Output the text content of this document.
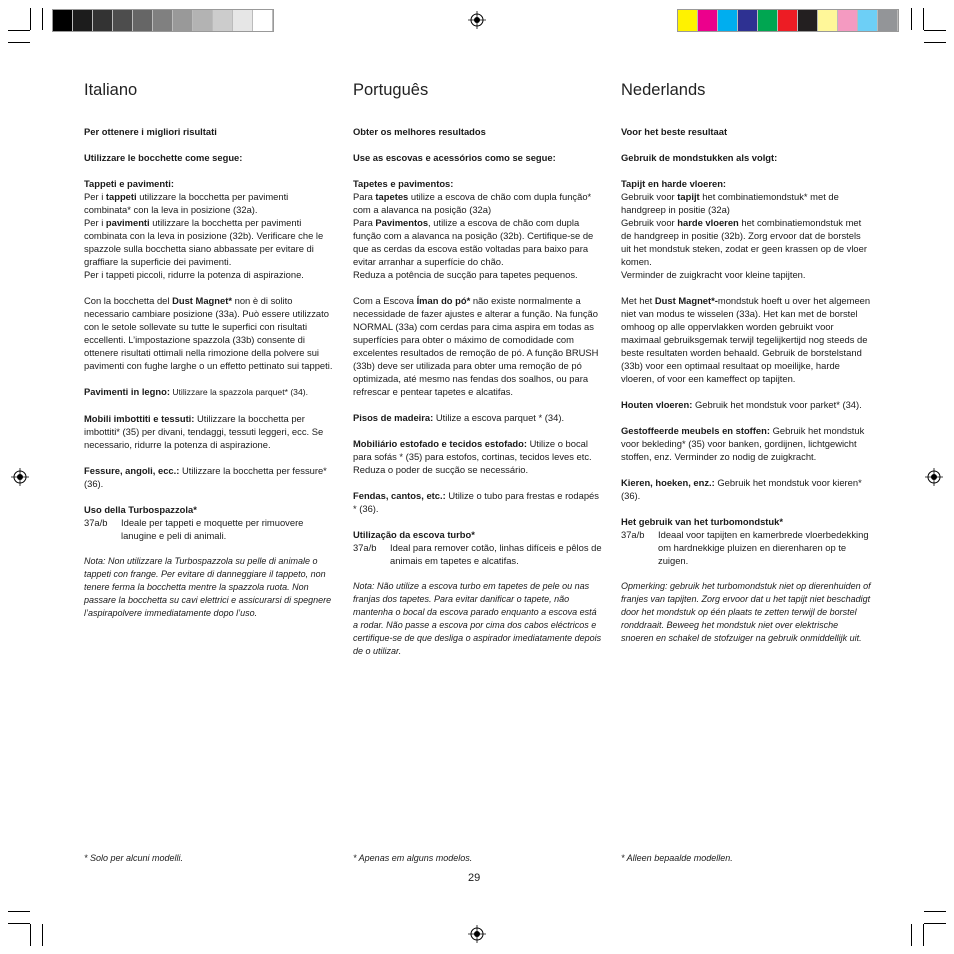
Italiano

Per ottenere i migliori risultati

Utilizzare le bocchette come segue:

Tappeti e pavimenti:
Per i tappeti utilizzare la bocchetta per pavimenti combinata* con la leva in posizione (32a).
Per i pavimenti utilizzare la bocchetta per pavimenti combinata con la leva in posizione (32b). Verificare che le spazzole sulla bocchetta siano abbassate per evitare di graffiare la superficie dei pavimenti.
Per i tappeti piccoli, ridurre la potenza di aspirazione.

Con la bocchetta del Dust Magnet* non è di solito necessario cambiare posizione (33a). Può essere utilizzato con le setole sollevate su tutte le superfici con risultati eccellenti. L’impostazione spazzola (33b) consente di ottenere risultati ottimali nella rimozione della polvere sui pavimenti con fughe larghe o un effetto pettinato sui tappeti.

Pavimenti in legno: Utilizzare la spazzola parquet* (34).

Mobili imbottiti e tessuti: Utilizzare la bocchetta per imbottiti* (35) per divani, tendaggi, tessuti leggeri, ecc. Se necessario, ridurre la potenza di aspirazione.

Fessure, angoli, ecc.: Utilizzare la bocchetta per fessure* (36).

Uso della Turbospazzola*
37a/b	Ideale per tappeti e moquette per rimuovere lanugine e peli di animali.

Nota: Non utilizzare la Turbospazzola su pelle di animale o tappeti con frange. Per evitare di danneggiare il tappeto, non tenere ferma la bocchetta mentre la spazzola ruota. Non passare la bocchetta su cavi elettrici e assicurarsi di spegnere l’aspirapolvere immediatamente dopo l’uso.

Português

Obter os melhores resultados

Use as escovas e acessórios como se segue:

Tapetes e pavimentos:
Para tapetes utilize a escova de chão com dupla função* com a alavanca na posição (32a)
Para Pavimentos, utilize a escova de chão com dupla função com a alavanca na posição (32b). Certifique-se de que as cerdas da escova estão voltadas para baixo para evitar arranhar a superfície do chão.
Reduza a potência de sucção para tapetes pequenos.

Com a Escova Íman do pó* não existe normalmente a necessidade de fazer ajustes e alterar a função. Na função NORMAL (33a) com cerdas para cima aspira em todas as superfícies para obter o máximo de comodidade com excelentes resultados de remoção de pó. A função BRUSH (33b) deve ser utilizada para obter uma remoção de pó optimizada, até mesmo nas fendas dos soalhos, ou para refrescar e pentear tapetes e alcatifas.

Pisos de madeira: Utilize a escova parquet * (34).

Mobiliário estofado e tecidos estofado: Utilize o bocal para sofás * (35) para estofos, cortinas, tecidos leves etc. Reduza o poder de sucção se necessário.

Fendas, cantos, etc.: Utilize o tubo para frestas e rodapés * (36).

Utilização da escova turbo*
37a/b	Ideal para remover cotão, linhas difíceis e pêlos de animais em tapetes e alcatifas.

Nota: Não utilize a escova turbo em tapetes de pele ou nas franjas dos tapetes. Para evitar danificar o tapete, não mantenha o bocal da escova parado enquanto a escova está a rodar. Não passe a escova por cima dos cabos eléctricos e certifique-se de que desliga o aspirador imediatamente depois de o utilizar.

Nederlands

Voor het beste resultaat

Gebruik de mondstukken als volgt:

Tapijt en harde vloeren:
Gebruik voor tapijt het combinatiemondstuk* met de handgreep in positie (32a)
Gebruik voor harde vloeren het combinatiemondstuk met de handgreep in positie (32b). Zorg ervoor dat de borstels uit het mondstuk steken, zodat er geen krassen op de vloer komen.
Verminder de zuigkracht voor kleine tapijten.

Met het Dust Magnet*-mondstuk hoeft u over het algemeen niet van modus te wisselen (33a). Het kan met de borstel omhoog op alle oppervlakken worden gebruikt voor maximaal gebruiksgemak terwijl tegelijkertijd nog steeds de beste resultaten worden behaald. Gebruik de borstelstand (33b) voor een optimaal resultaat op moeilijke, harde vloeren, of voor een kameffect op tapijten.

Houten vloeren: Gebruik het mondstuk voor parket* (34).

Gestoffeerde meubels en stoffen: Gebruik het mondstuk voor bekleding* (35) voor banken, gordijnen, lichtgewicht stoffen, enz. Verminder zo nodig de zuigkracht.

Kieren, hoeken, enz.: Gebruik het mondstuk voor kieren* (36).

Het gebruik van het turbomondstuk*
37a/b	Ideaal voor tapijten en kamerbrede vloerbedekking om hardnekkige pluizen en dierenharen op te zuigen.

Opmerking: gebruik het turbomondstuk niet op dierenhuiden of franjes van tapijten. Zorg ervoor dat u het tapijt niet beschadigt door het mondstuk op één plaats te zetten terwijl de borstel ronddraait. Beweeg het mondstuk niet over elektrische snoeren en schakel de stofzuiger na gebruik onmiddellijk uit.

* Solo per alcuni modelli.	* Apenas em alguns modelos.	* Alleen bepaalde modellen.
29
